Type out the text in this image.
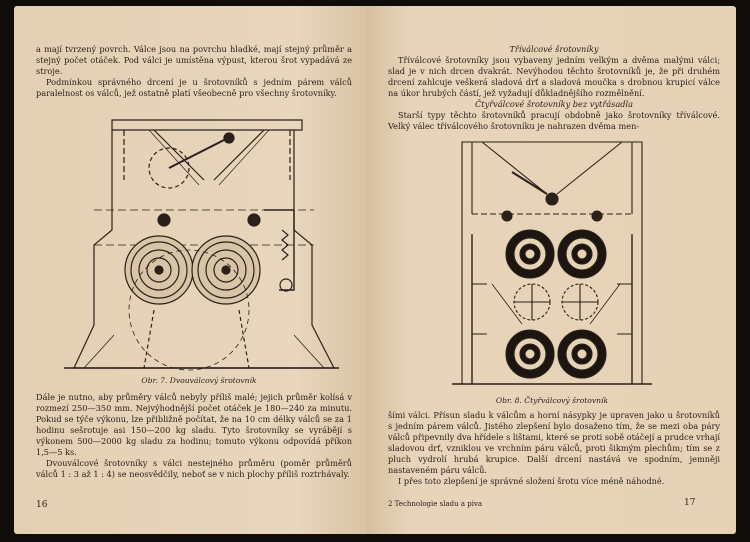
a mají tvrzený povrch. Válce jsou na povrchu hladké, mají stejný průměr a stejný počet otáček. Pod válci je umístěna výpust, kterou šrot vypadává ze stroje.

Podmínkou správného drcení je u šrotovníků s jedním párem válců paralelnost os válců, jež ostatně platí všeobecně pro všechny šrotovníky.

Obr. 7. Dvouválcový šrotovník

Dále je nutno, aby průměry válců nebyly příliš malé; jejich průměr kolísá v rozmezí 250—350 mm. Nejvýhodnější počet otáček je 180—240 za minutu. Pokud se týče výkonu, lze přibližně počítat, že na 10 cm délky válců se za 1 hodinu sešrotuje asi 150—200 kg sladu. Tyto šrotovníky se vyrábějí s výkonem 500—2000 kg sladu za hodinu; tomuto výkonu odpovídá příkon 1,5—5 ks.

Dvouválcové šrotovníky s válci nestejného průměru (poměr průměrů válců 1 : 3 až 1 : 4) se neosvědčily, neboť se v nich plochy příliš roztrhávaly.

16

Tříválcové šrotovníky

Tříválcové šrotovníky jsou vybaveny jedním velkým a dvěma malými válci; slad je v nich drcen dvakrát. Nevýhodou těchto šrotovníků je, že při druhém drcení zahlcuje veškerá sladová drť a sladová moučka s drobnou krupicí válce na úkor hrubých částí, jež vyžadují důkladnějšího rozmělnění.

Čtyřválcové šrotovníky bez vytřásadla

Starší typy těchto šrotovníků pracují obdobně jako šrotovníky tříválcové. Velký válec tříválcového šrotovníku je nahrazen dvěma men-

Obr. 8. Čtyřválcový šrotovník

šími válci. Přísun sladu k válcům a horní násypky je upraven jako u šrotovníků s jedním párem válců. Jistého zlepšení bylo dosaženo tím, že se mezi oba páry válců připevnily dva hřídele s lištami, které se proti sobě otáčejí a prudce vrhají sladovou drť, vzniklou ve vrchním páru válců, proti šikmým plechům; tím se z pluch vydrolí hrubá krupice. Další drcení nastává ve spodním, jemněji nastaveném páru válců.

I přes toto zlepšení je správné složení šrotu více méně náhodné.

2 Technologie sladu a piva	17
